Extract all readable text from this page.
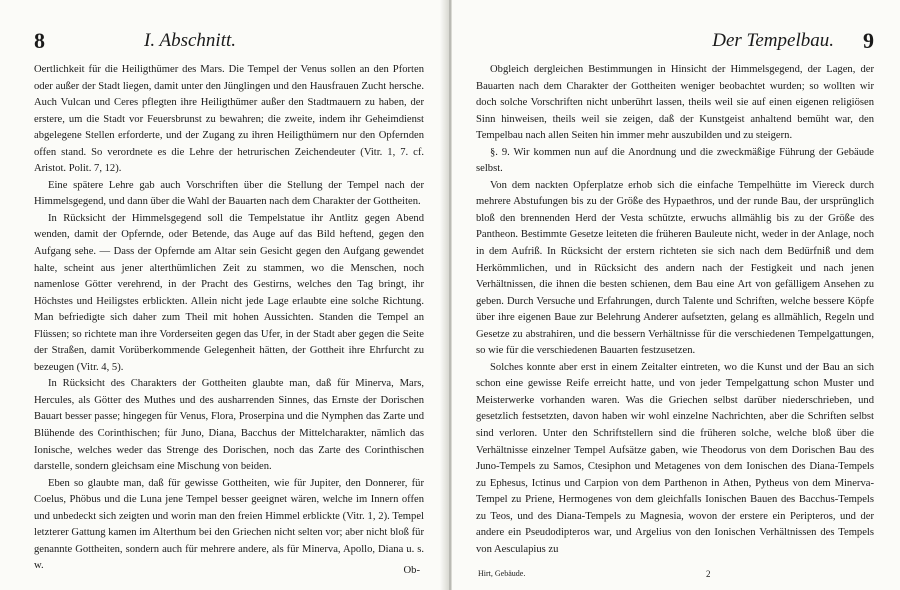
8	I. Abschnitt.

Oertlichkeit für die Heiligthümer des Mars. Die Tempel der Venus sollen an den Pforten oder außer der Stadt liegen, damit unter den Jünglingen und den Hausfrauen Zucht hersche. Auch Vulcan und Ceres pflegten ihre Heiligthümer außer den Stadtmauern zu haben, der erstere, um die Stadt vor Feuersbrunst zu bewahren; die zweite, indem ihr Geheimdienst abgelegene Stellen erforderte, und der Zugang zu ihren Heiligthümern nur den Opfernden offen stand. So verordnete es die Lehre der hetrurischen Zeichendeuter (Vitr. 1, 7. cf. Aristot. Polit. 7, 12).

Eine spätere Lehre gab auch Vorschriften über die Stellung der Tempel nach der Himmelsgegend, und dann über die Wahl der Bauarten nach dem Charakter der Gottheiten.

In Rücksicht der Himmelsgegend soll die Tempelstatue ihr Antlitz gegen Abend wenden, damit der Opfernde, oder Betende, das Auge auf das Bild heftend, gegen den Aufgang sehe. — Dass der Opfernde am Altar sein Gesicht gegen den Aufgang gewendet halte, scheint aus jener alterthümlichen Zeit zu stammen, wo die Menschen, noch namenlose Götter verehrend, in der Pracht des Gestirns, welches den Tag bringt, ihr Höchstes und Heiligstes erblickten. Allein nicht jede Lage erlaubte eine solche Richtung. Man befriedigte sich daher zum Theil mit hohen Aussichten. Standen die Tempel an Flüssen; so richtete man ihre Vorderseiten gegen das Ufer, in der Stadt aber gegen die Seite der Straßen, damit Vorüberkommende Gelegenheit hätten, der Gottheit ihre Ehrfurcht zu bezeugen (Vitr. 4, 5).

In Rücksicht des Charakters der Gottheiten glaubte man, daß für Minerva, Mars, Hercules, als Götter des Muthes und des ausharrenden Sinnes, das Ernste der Dorischen Bauart besser passe; hingegen für Venus, Flora, Proserpina und die Nymphen das Zarte und Blühende des Corinthischen; für Juno, Diana, Bacchus der Mittelcharakter, nämlich das Ionische, welches weder das Strenge des Dorischen, noch das Zarte des Corinthischen darstelle, sondern gleichsam eine Mischung von beiden.

Eben so glaubte man, daß für gewisse Gottheiten, wie für Jupiter, den Donnerer, für Coelus, Phöbus und die Luna jene Tempel besser geeignet wären, welche im Innern offen und unbedeckt sich zeigten und worin man den freien Himmel erblickte (Vitr. 1, 2). Tempel letzterer Gattung kamen im Alterthum bei den Griechen nicht selten vor; aber nicht bloß für genannte Gottheiten, sondern auch für mehrere andere, als für Minerva, Apollo, Diana u. s. w.	Ob-
Der Tempelbau. 9

Obgleich dergleichen Bestimmungen in Hinsicht der Himmelsgegend, der Lagen, der Bauarten nach dem Charakter der Gottheiten weniger beobachtet wurden; so wollten wir doch solche Vorschriften nicht unberührt lassen, theils weil sie auf einen eigenen religiösen Sinn hinweisen, theils weil sie zeigen, daß der Kunstgeist anhaltend bemüht war, den Tempelbau nach allen Seiten hin immer mehr auszubilden und zu steigern.

§. 9. Wir kommen nun auf die Anordnung und die zweckmäßige Führung der Gebäude selbst.

Von dem nackten Opferplatze erhob sich die einfache Tempelhütte im Viereck durch mehrere Abstufungen bis zu der Größe des Hypaethros, und der runde Bau, der ursprünglich bloß den brennenden Herd der Vesta schützte, erwuchs allmählig bis zu der Größe des Pantheon. Bestimmte Gesetze leiteten die früheren Bauleute nicht, weder in der Anlage, noch in dem Aufriß. In Rücksicht der erstern richteten sie sich nach dem Bedürfniß und dem Herkömmlichen, und in Rücksicht des andern nach der Festigkeit und nach jenen Verhältnissen, die ihnen die besten schienen, dem Bau eine Art von gefälligem Ansehen zu geben. Durch Versuche und Erfahrungen, durch Talente und Schriften, welche bessere Köpfe über ihre eigenen Baue zur Belehrung Anderer aufsetzten, gelang es allmählich, Regeln und Gesetze zu abstrahiren, und die bessern Verhältnisse für die verschiedenen Tempelgattungen, so wie für die verschiedenen Bauarten festzusetzen.

Solches konnte aber erst in einem Zeitalter eintreten, wo die Kunst und der Bau an sich schon eine gewisse Reife erreicht hatte, und von jeder Tempelgattung schon Muster und Meisterwerke vorhanden waren. Was die Griechen selbst darüber niederschrieben, und gesetzlich festsetzten, davon haben wir wohl einzelne Nachrichten, aber die Schriften selbst sind verloren. Unter den Schriftstellern sind die früheren solche, welche bloß über die Verhältnisse einzelner Tempel Aufsätze gaben, wie Theodorus von dem Dorischen Bau des Juno-Tempels zu Samos, Ctesiphon und Metagenes von dem Ionischen des Diana-Tempels zu Ephesus, Ictinus und Carpion von dem Parthenon in Athen, Pytheus von dem Minerva-Tempel zu Priene, Hermogenes von dem gleichfalls Ionischen Bauen des Bacchus-Tempels zu Teos, und des Diana-Tempels zu Magnesia, wovon der erstere ein Peripteros, und der andere ein Pseudodipteros war, und Argelius von den Ionischen Verhältnissen des Tempels von Aesculapius zu

Hirt, Gebäude.	2
